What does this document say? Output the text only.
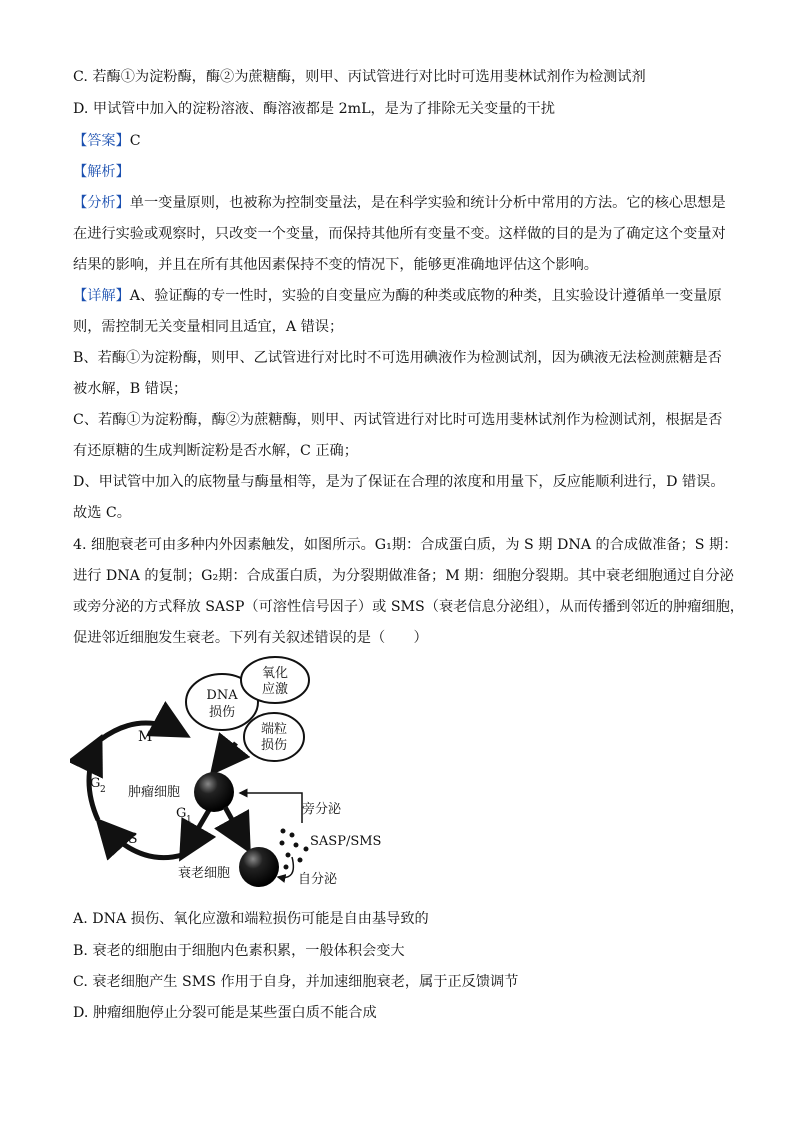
C. 若酶①为淀粉酶，酶②为蔗糖酶，则甲、丙试管进行对比时可选用斐林试剂作为检测试剂
D. 甲试管中加入的淀粉溶液、酶溶液都是 2mL，是为了排除无关变量的干扰
【答案】C
【解析】
【分析】单一变量原则，也被称为控制变量法，是在科学实验和统计分析中常用的方法。它的核心思想是
在进行实验或观察时，只改变一个变量，而保持其他所有变量不变。这样做的目的是为了确定这个变量对
结果的影响，并且在所有其他因素保持不变的情况下，能够更准确地评估这个影响。
【详解】A、验证酶的专一性时，实验的自变量应为酶的种类或底物的种类，且实验设计遵循单一变量原
则，需控制无关变量相同且适宜，A 错误；
B、若酶①为淀粉酶，则甲、乙试管进行对比时不可选用碘液作为检测试剂，因为碘液无法检测蔗糖是否
被水解，B 错误；
C、若酶①为淀粉酶，酶②为蔗糖酶，则甲、丙试管进行对比时可选用斐林试剂作为检测试剂，根据是否
有还原糖的生成判断淀粉是否水解，C 正确；
D、甲试管中加入的底物量与酶量相等，是为了保证在合理的浓度和用量下，反应能顺利进行，D 错误。
故选 C。
4. 细胞衰老可由多种内外因素触发，如图所示。G₁期：合成蛋白质，为 S 期 DNA 的合成做准备；S 期：
进行 DNA 的复制；G₂期：合成蛋白质，为分裂期做准备；M 期：细胞分裂期。其中衰老细胞通过自分泌
或旁分泌的方式释放 SASP（可溶性信号因子）或 SMS（衰老信息分泌组），从而传播到邻近的肿瘤细胞，
促进邻近细胞发生衰老。下列有关叙述错误的是（　　）
DNA
损伤
氧化
应激
端粒
损伤
M
G 2
S
G 1
肿瘤细胞
衰老细胞
旁分泌
SASP/SMS
自分泌
A. DNA 损伤、氧化应激和端粒损伤可能是自由基导致的
B. 衰老的细胞由于细胞内色素积累，一般体积会变大
C. 衰老细胞产生 SMS 作用于自身，并加速细胞衰老，属于正反馈调节
D. 肿瘤细胞停止分裂可能是某些蛋白质不能合成
